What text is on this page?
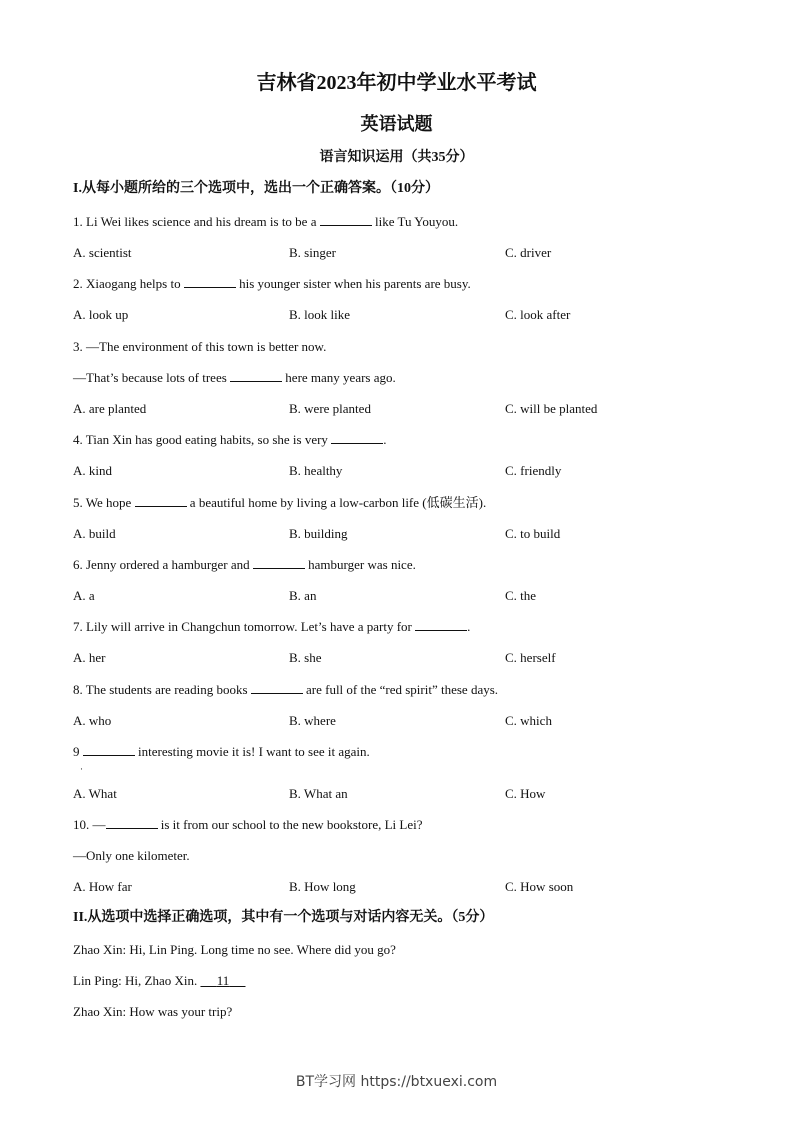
吉林省2023年初中学业水平考试
英语试题
语言知识运用（共35分）
I.从每小题所给的三个选项中，选出一个正确答案。（10分）
II.从选项中选择正确选项，其中有一个选项与对话内容无关。（5分）
Zhao Xin: Hi, Lin Ping. Long time no see. Where did you go?
Lin Ping: Hi, Zhao Xin.      11
Zhao Xin: How was your trip?
BT学习网 https://btxuexi.com
1. Li Wei likes science and his dream is to be a	like Tu Youyou.
A. scientist	B. singer	C. driver
2. Xiaogang helps to	his younger sister when his parents are busy.
A. look up	B. look like	C. look after
3. —The environment of this town is better now.
—That’s because lots of trees	here many years ago.
A. are planted	B. were planted	C. will be planted
4. Tian Xin has good eating habits, so she is very	.
A. kind	B. healthy	C. friendly
5. We hope	a beautiful home by living a low-carbon life (低碳生活).
A. build	B. building	C. to build
6. Jenny ordered a hamburger and	hamburger was nice.
A. a	B. an	C. the
7. Lily will arrive in Changchun tomorrow. Let’s have a party for	.
A. her	B. she	C. herself
8. The students are reading books	are full of the “red spirit” these days.
A. who	B. where	C. which
9	interesting movie it is! I want to see it again.
·
A. What	B. What an	C. How
10. —	is it from our school to the new bookstore, Li Lei?
—Only one kilometer.
A. How far	B. How long	C. How soon
